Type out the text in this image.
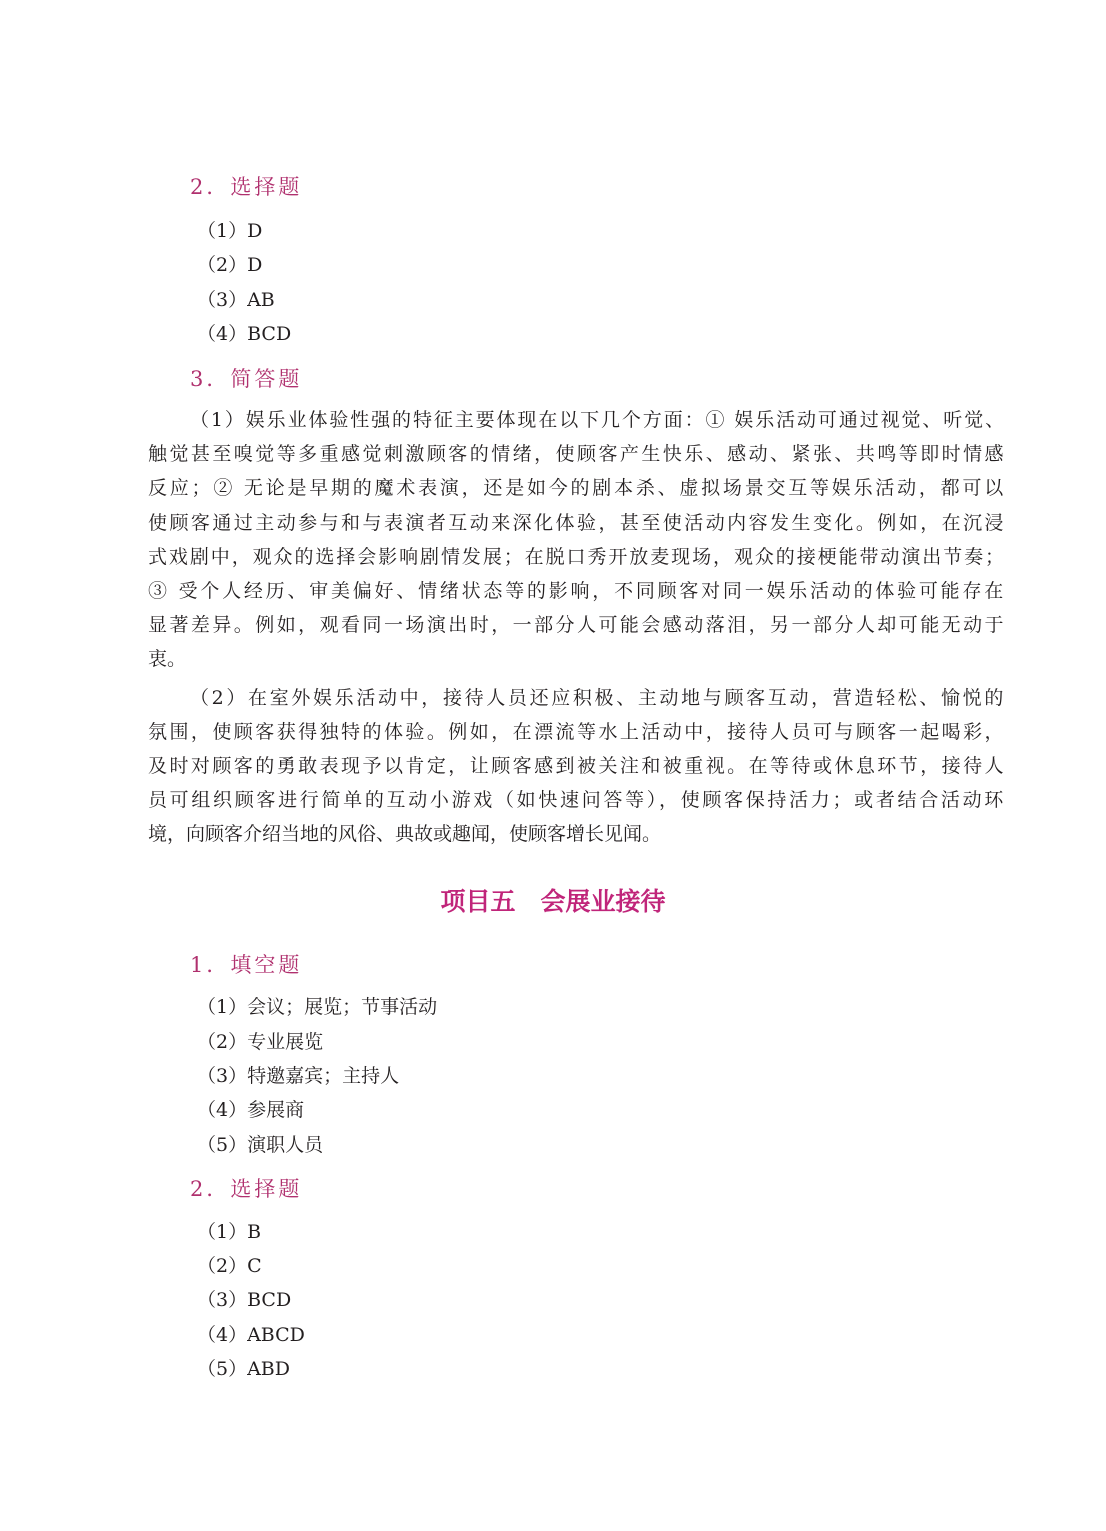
2．选择题
（1）D
（2）D
（3）AB
（4）BCD
3．简答题
（1）娱乐业体验性强的特征主要体现在以下几个方面：① 娱乐活动可通过视觉、听觉、
触觉甚至嗅觉等多重感觉刺激顾客的情绪，使顾客产生快乐、感动、紧张、共鸣等即时情感
反应；② 无论是早期的魔术表演，还是如今的剧本杀、虚拟场景交互等娱乐活动，都可以
使顾客通过主动参与和与表演者互动来深化体验，甚至使活动内容发生变化。例如，在沉浸
式戏剧中，观众的选择会影响剧情发展；在脱口秀开放麦现场，观众的接梗能带动演出节奏；
③ 受个人经历、审美偏好、情绪状态等的影响，不同顾客对同一娱乐活动的体验可能存在
显著差异。例如，观看同一场演出时，一部分人可能会感动落泪，另一部分人却可能无动于
衷。
（2）在室外娱乐活动中，接待人员还应积极、主动地与顾客互动，营造轻松、愉悦的
氛围，使顾客获得独特的体验。例如，在漂流等水上活动中，接待人员可与顾客一起喝彩，
及时对顾客的勇敢表现予以肯定，让顾客感到被关注和被重视。在等待或休息环节，接待人
员可组织顾客进行简单的互动小游戏（如快速问答等），使顾客保持活力；或者结合活动环
境，向顾客介绍当地的风俗、典故或趣闻，使顾客增长见闻。
项目五　会展业接待
1．填空题
（1）会议；展览；节事活动
（2）专业展览
（3）特邀嘉宾；主持人
（4）参展商
（5）演职人员
2．选择题
（1）B
（2）C
（3）BCD
（4）ABCD
（5）ABD
